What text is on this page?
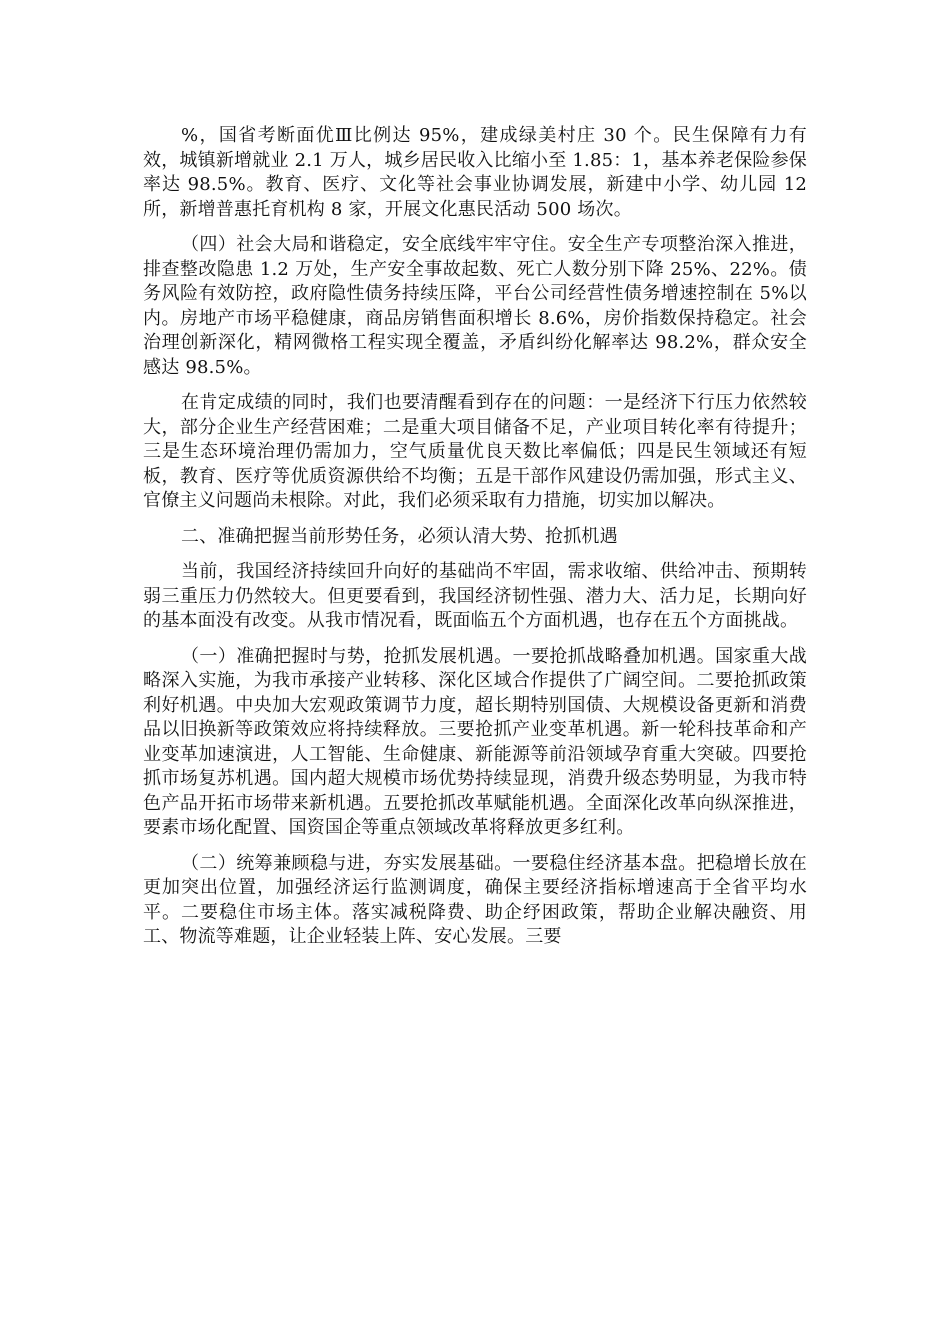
%，国省考断面优Ⅲ比例达 95%，建成绿美村庄 30 个。民生保障有力有效，城镇新增就业 2.1 万人，城乡居民收入比缩小至 1.85：1，基本养老保险参保率达 98.5%。教育、医疗、文化等社会事业协调发展，新建中小学、幼儿园 12 所，新增普惠托育机构 8 家，开展文化惠民活动 500 场次。

（四）社会大局和谐稳定，安全底线牢牢守住。安全生产专项整治深入推进，排查整改隐患 1.2 万处，生产安全事故起数、死亡人数分别下降 25%、22%。债务风险有效防控，政府隐性债务持续压降，平台公司经营性债务增速控制在 5%以内。房地产市场平稳健康，商品房销售面积增长 8.6%，房价指数保持稳定。社会治理创新深化，精网微格工程实现全覆盖，矛盾纠纷化解率达 98.2%，群众安全感达 98.5%。

在肯定成绩的同时，我们也要清醒看到存在的问题：一是经济下行压力依然较大，部分企业生产经营困难；二是重大项目储备不足，产业项目转化率有待提升；三是生态环境治理仍需加力，空气质量优良天数比率偏低；四是民生领域还有短板，教育、医疗等优质资源供给不均衡；五是干部作风建设仍需加强，形式主义、官僚主义问题尚未根除。对此，我们必须采取有力措施，切实加以解决。

二、准确把握当前形势任务，必须认清大势、抢抓机遇

当前，我国经济持续回升向好的基础尚不牢固，需求收缩、供给冲击、预期转弱三重压力仍然较大。但更要看到，我国经济韧性强、潜力大、活力足，长期向好的基本面没有改变。从我市情况看，既面临五个方面机遇，也存在五个方面挑战。

（一）准确把握时与势，抢抓发展机遇。一要抢抓战略叠加机遇。国家重大战略深入实施，为我市承接产业转移、深化区域合作提供了广阔空间。二要抢抓政策利好机遇。中央加大宏观政策调节力度，超长期特别国债、大规模设备更新和消费品以旧换新等政策效应将持续释放。三要抢抓产业变革机遇。新一轮科技革命和产业变革加速演进，人工智能、生命健康、新能源等前沿领域孕育重大突破。四要抢抓市场复苏机遇。国内超大规模市场优势持续显现，消费升级态势明显，为我市特色产品开拓市场带来新机遇。五要抢抓改革赋能机遇。全面深化改革向纵深推进，要素市场化配置、国资国企等重点领域改革将释放更多红利。

（二）统筹兼顾稳与进，夯实发展基础。一要稳住经济基本盘。把稳增长放在更加突出位置，加强经济运行监测调度，确保主要经济指标增速高于全省平均水平。二要稳住市场主体。落实减税降费、助企纾困政策，帮助企业解决融资、用工、物流等难题，让企业轻装上阵、安心发展。三要
